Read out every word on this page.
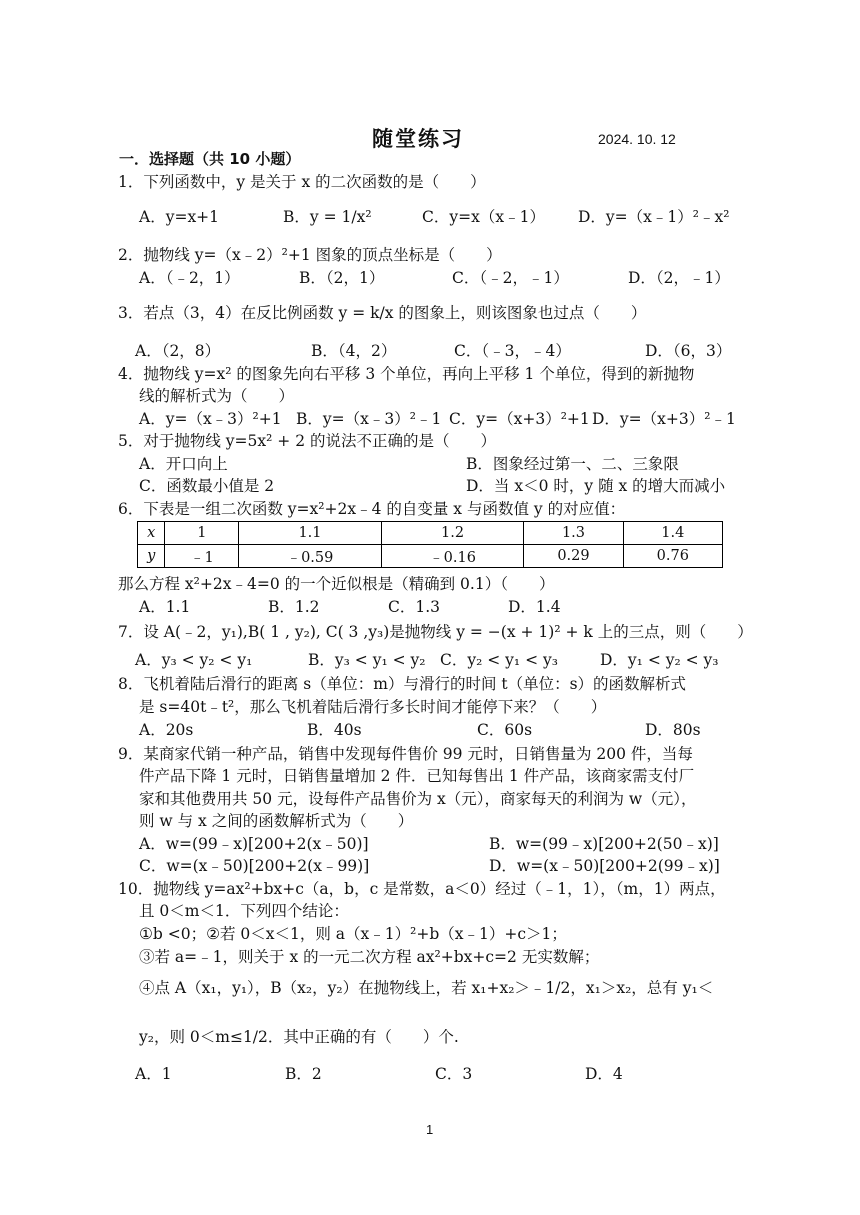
随堂练习	2024. 10. 12
一．选择题（共 10 小题）
1．下列函数中，y 是关于 x 的二次函数的是（　　）
A．y=x+1	B．y = 1/x²	C．y=x（x﹣1） D．y=（x﹣1）²﹣x²
2．抛物线 y=（x﹣2）²+1 图象的顶点坐标是（　　）
A．（﹣2，1）	B．（2，1）	C．（﹣2，﹣1）	D．（2，﹣1）
3．若点（3，4）在反比例函数 y = k/x 的图象上，则该图象也过点（　　）
A．（2，8）	B．（4，2）	C．（﹣3，﹣4）	D．（6，3）
4．抛物线 y=x² 的图象先向右平移 3 个单位，再向上平移 1 个单位，得到的新抛物
线的解析式为（　　）
A．y=（x﹣3）²+1 B．y=（x﹣3）²﹣1 C．y=（x+3）²+1 D．y=（x+3）²﹣1
5．对于抛物线 y=5x² + 2 的说法不正确的是（　　）
A．开口向上	B．图象经过第一、二、三象限
C．函数最小值是 2	D．当 x＜0 时，y 随 x 的增大而减小
6．下表是一组二次函数 y=x²+2x﹣4 的自变量 x 与函数值 y 的对应值：
x	1	1.1	1.2	1.3	1.4
y	﹣1	﹣0.59	﹣0.16	0.29	0.76
那么方程 x²+2x﹣4=0 的一个近似根是（精确到 0.1）（　　）
A．1.1	B．1.2	C．1.3	D．1.4
7．设 A(﹣2，y₁),B( 1 , y₂), C( 3 ,y₃)是抛物线 y = −(x + 1)² + k 上的三点，则（　　）
A．y₃ < y₂ < y₁	B．y₃ < y₁ < y₂ C．y₂ < y₁ < y₃	D．y₁ < y₂ < y₃
8．飞机着陆后滑行的距离 s（单位：m）与滑行的时间 t（单位：s）的函数解析式
是 s=40t﹣t²，那么飞机着陆后滑行多长时间才能停下来？（　　）
A．20s	B．40s	C．60s	D．80s
9．某商家代销一种产品，销售中发现每件售价 99 元时，日销售量为 200 件，当每
件产品下降 1 元时，日销售量增加 2 件．已知每售出 1 件产品，该商家需支付厂
家和其他费用共 50 元，设每件产品售价为 x（元），商家每天的利润为 w（元），
则 w 与 x 之间的函数解析式为（　　）
A．w=(99﹣x)[200+2(x﹣50)]	B．w=(99﹣x)[200+2(50﹣x)]
C．w=(x﹣50)[200+2(x﹣99)]	D．w=(x﹣50)[200+2(99﹣x)]
10．抛物线 y=ax²+bx+c（a，b，c 是常数，a＜0）经过（﹣1，1），（m，1）两点，
且 0＜m＜1．下列四个结论：
①b <0；②若 0＜x＜1，则 a（x﹣1）²+b（x﹣1）+c＞1；
③若 a=﹣1，则关于 x 的一元二次方程 ax²+bx+c=2 无实数解；
④点 A（x₁，y₁），B（x₂，y₂）在抛物线上，若 x₁+x₂＞﹣1/2，x₁＞x₂，总有 y₁＜
y₂，则 0＜m≤1/2．其中正确的有（　　）个.
A．1	B．2	C．3	D．4
1
